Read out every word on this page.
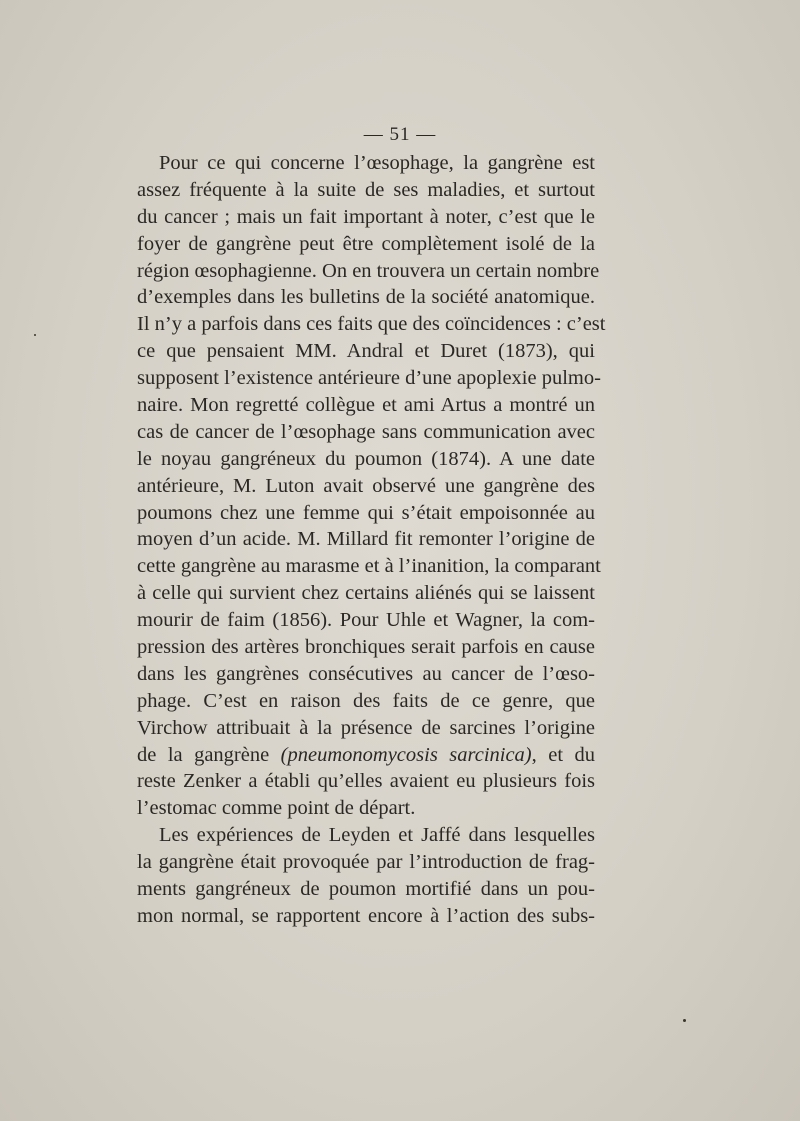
— 51 —
Pour ce qui concerne l’œsophage, la gangrène est
assez fréquente à la suite de ses maladies, et surtout
du cancer ; mais un fait important à noter, c’est que le
foyer de gangrène peut être complètement isolé de la
région œsophagienne. On en trouvera un certain nombre
d’exemples dans les bulletins de la société anatomique.
Il n’y a parfois dans ces faits que des coïncidences : c’est
ce que pensaient MM. Andral et Duret (1873), qui
supposent l’existence antérieure d’une apoplexie pulmo-
naire. Mon regretté collègue et ami Artus a montré un
cas de cancer de l’œsophage sans communication avec
le noyau gangréneux du poumon (1874). A une date
antérieure, M. Luton avait observé une gangrène des
poumons chez une femme qui s’était empoisonnée au
moyen d’un acide. M. Millard fit remonter l’origine de
cette gangrène au marasme et à l’inanition, la comparant
à celle qui survient chez certains aliénés qui se laissent
mourir de faim (1856). Pour Uhle et Wagner, la com-
pression des artères bronchiques serait parfois en cause
dans les gangrènes consécutives au cancer de l’œso-
phage. C’est en raison des faits de ce genre, que
Virchow attribuait à la présence de sarcines l’origine
de la gangrène (pneumonomycosis sarcinica), et du
reste Zenker a établi qu’elles avaient eu plusieurs fois
l’estomac comme point de départ.
Les expériences de Leyden et Jaffé dans lesquelles
la gangrène était provoquée par l’introduction de frag-
ments gangréneux de poumon mortifié dans un pou-
mon normal, se rapportent encore à l’action des subs-
